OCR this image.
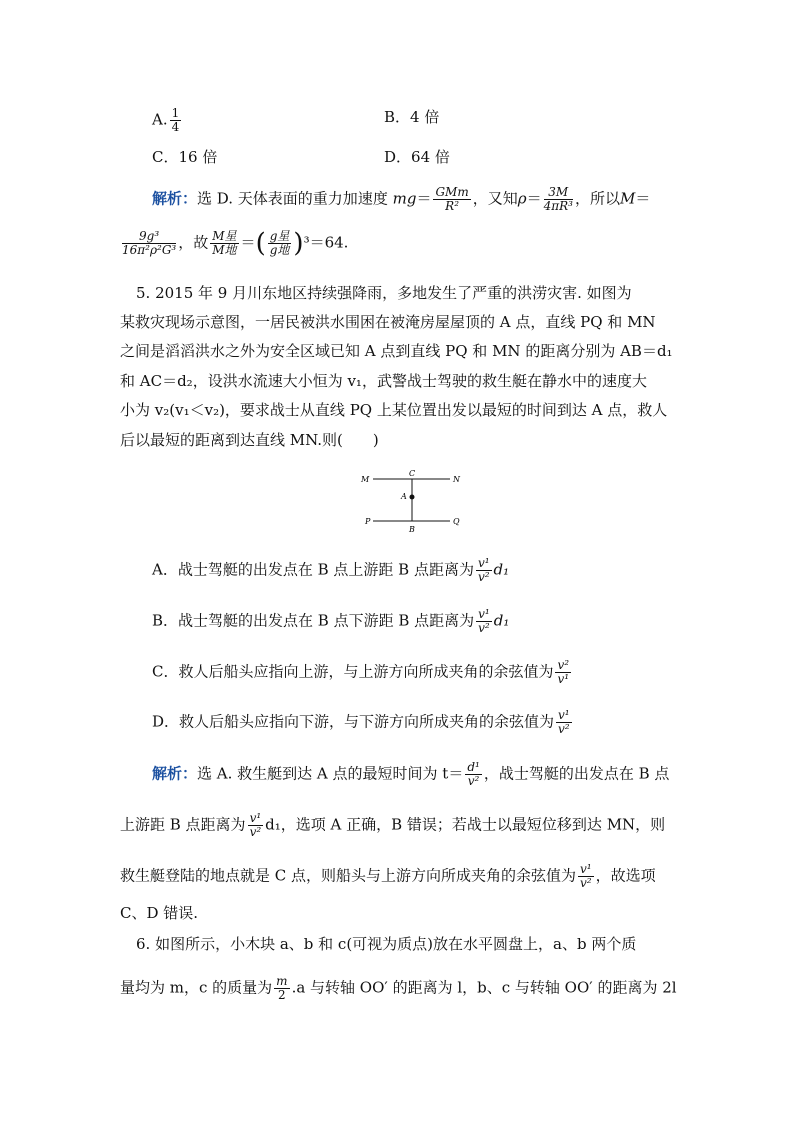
A. $\frac{1}{4}$	B．4 倍
C．16 倍	D．64 倍
解析：选 D. 天体表面的重力加速度 $mg= \frac{\text{GMm}}{\text{R²}}$ ，又知$\rho= \frac{3M}{\text{4πR³}}$ ，所以M＝
$\frac{\text{9g³}}{\text{16π²ρ²G³}}$ ，故 $\frac{\text{M星}}{\text{M地}}$ ＝( $\frac{\text{g星}}{\text{g地}} )^3=64$.
5. 2015 年 9 月川东地区持续强降雨，多地发生了严重的洪涝灾害. 如图为
某救灾现场示意图，一居民被洪水围困在被淹房屋屋顶的 A 点，直线 PQ 和 MN
之间是滔滔洪水之外为安全区域已知 A 点到直线 PQ 和 MN 的距离分别为 AB＝d₁
和 AC＝d₂，设洪水流速大小恒为 v₁，武警战士驾驶的救生艇在静水中的速度大
小为 v₂(v₁＜v₂)，要求战士从直线 PQ 上某位置出发以最短的时间到达 A 点，救人
后以最短的距离到达直线 MN.则(　　)
M
C
N
A
P
B
Q
A．战士驾艇的出发点在 B 点上游距 B 点距离为 $\frac{\text{v¹}}{\text{v²}} d_1$
B．战士驾艇的出发点在 B 点下游距 B 点距离为 $\frac{\text{v¹}}{\text{v²}} d_1$
C．救人后船头应指向上游，与上游方向所成夹角的余弦值为 $\frac{\text{v²}}{\text{v¹}}$
D．救人后船头应指向下游，与下游方向所成夹角的余弦值为 $\frac{\text{v¹}}{\text{v²}}$
解析：选 A. 救生艇到达 A 点的最短时间为 $t= \frac{\text{d¹}}{\text{v²}}$ ，战士驾艇的出发点在 B 点
上游距 B 点距离为 $\frac{\text{v¹}}{\text{v²}} d_1$，选项 A 正确，B 错误；若战士以最短位移到达 MN，则
救生艇登陆的地点就是 C 点，则船头与上游方向所成夹角的余弦值为 $\frac{\text{v¹}}{\text{v²}}$ ，故选项
C、D 错误.
6. 如图所示，小木块 a、b 和 c(可视为质点)放在水平圆盘上，a、b 两个质
量均为 m，c 的质量为 $\frac{m}{2} .a$ 与转轴 OO′ 的距离为 l，b、c 与转轴 OO′ 的距离为 2l
